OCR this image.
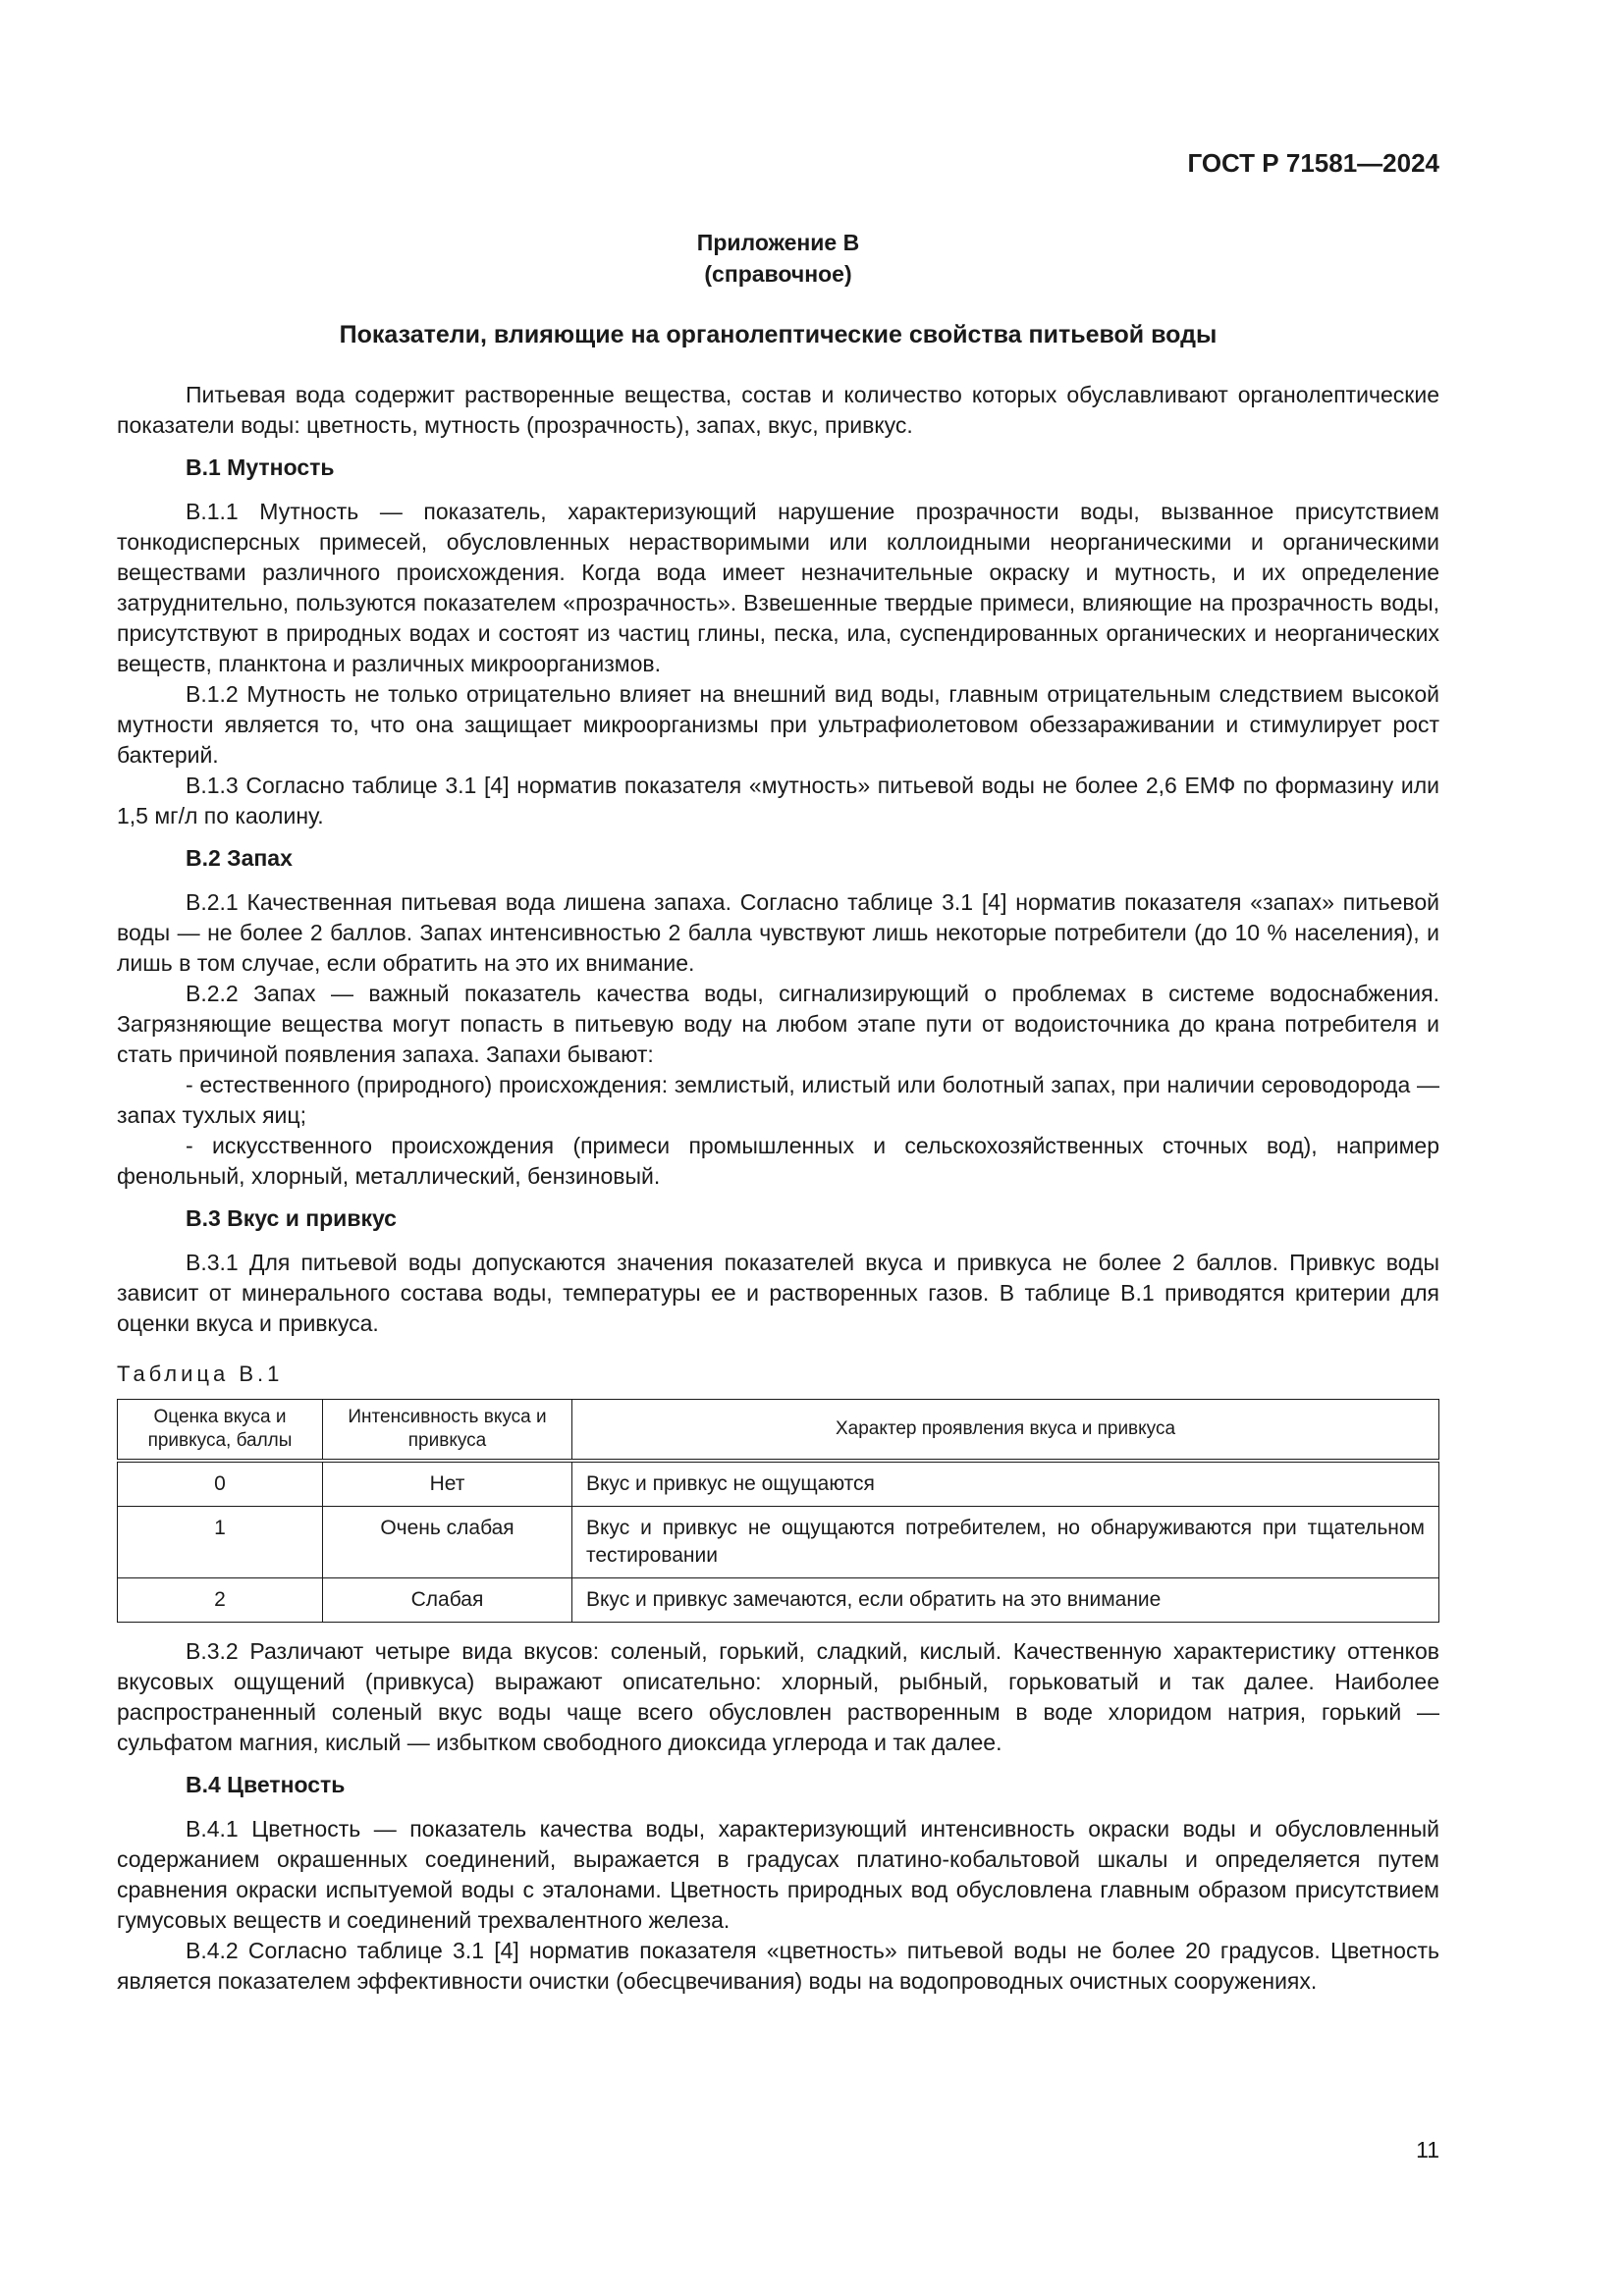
ГОСТ Р 71581—2024
Приложение В
(справочное)
Показатели, влияющие на органолептические свойства питьевой воды

Питьевая вода содержит растворенные вещества, состав и количество которых обуславливают органолептические показатели воды: цветность, мутность (прозрачность), запах, вкус, привкус.

В.1 Мутность

В.1.1 Мутность — показатель, характеризующий нарушение прозрачности воды, вызванное присутствием тонкодисперсных примесей, обусловленных нерастворимыми или коллоидными неорганическими и органическими веществами различного происхождения. Когда вода имеет незначительные окраску и мутность, и их определение затруднительно, пользуются показателем «прозрачность». Взвешенные твердые примеси, влияющие на прозрачность воды, присутствуют в природных водах и состоят из частиц глины, песка, ила, суспендированных органических и неорганических веществ, планктона и различных микроорганизмов.

В.1.2 Мутность не только отрицательно влияет на внешний вид воды, главным отрицательным следствием высокой мутности является то, что она защищает микроорганизмы при ультрафиолетовом обеззараживании и стимулирует рост бактерий.

В.1.3 Согласно таблице 3.1 [4] норматив показателя «мутность» питьевой воды не более 2,6 ЕМФ по формазину или 1,5 мг/л по каолину.

В.2 Запах

В.2.1 Качественная питьевая вода лишена запаха. Согласно таблице 3.1 [4] норматив показателя «запах» питьевой воды — не более 2 баллов. Запах интенсивностью 2 балла чувствуют лишь некоторые потребители (до 10 % населения), и лишь в том случае, если обратить на это их внимание.

В.2.2 Запах — важный показатель качества воды, сигнализирующий о проблемах в системе водоснабжения. Загрязняющие вещества могут попасть в питьевую воду на любом этапе пути от водоисточника до крана потребителя и стать причиной появления запаха. Запахи бывают:

- естественного (природного) происхождения: землистый, илистый или болотный запах, при наличии сероводорода — запах тухлых яиц;

- искусственного происхождения (примеси промышленных и сельскохозяйственных сточных вод), например фенольный, хлорный, металлический, бензиновый.

В.3 Вкус и привкус

В.3.1 Для питьевой воды допускаются значения показателей вкуса и привкуса не более 2 баллов. Привкус воды зависит от минерального состава воды, температуры ее и растворенных газов. В таблице В.1 приводятся критерии для оценки вкуса и привкуса.

Таблица В.1
Оценка вкуса и привкуса, баллы	Интенсивность вкуса и привкуса	Характер проявления вкуса и привкуса
0	Нет	Вкус и привкус не ощущаются
1	Очень слабая	Вкус и привкус не ощущаются потребителем, но обнаруживаются при тщательном тестировании
2	Слабая	Вкус и привкус замечаются, если обратить на это внимание

В.3.2 Различают четыре вида вкусов: соленый, горький, сладкий, кислый. Качественную характеристику оттенков вкусовых ощущений (привкуса) выражают описательно: хлорный, рыбный, горьковатый и так далее. Наиболее распространенный соленый вкус воды чаще всего обусловлен растворенным в воде хлоридом натрия, горький — сульфатом магния, кислый — избытком свободного диоксида углерода и так далее.

В.4 Цветность

В.4.1 Цветность — показатель качества воды, характеризующий интенсивность окраски воды и обусловленный содержанием окрашенных соединений, выражается в градусах платино-кобальтовой шкалы и определяется путем сравнения окраски испытуемой воды с эталонами. Цветность природных вод обусловлена главным образом присутствием гумусовых веществ и соединений трехвалентного железа.

В.4.2 Согласно таблице 3.1 [4] норматив показателя «цветность» питьевой воды не более 20 градусов. Цветность является показателем эффективности очистки (обесцвечивания) воды на водопроводных очистных сооружениях.

11
